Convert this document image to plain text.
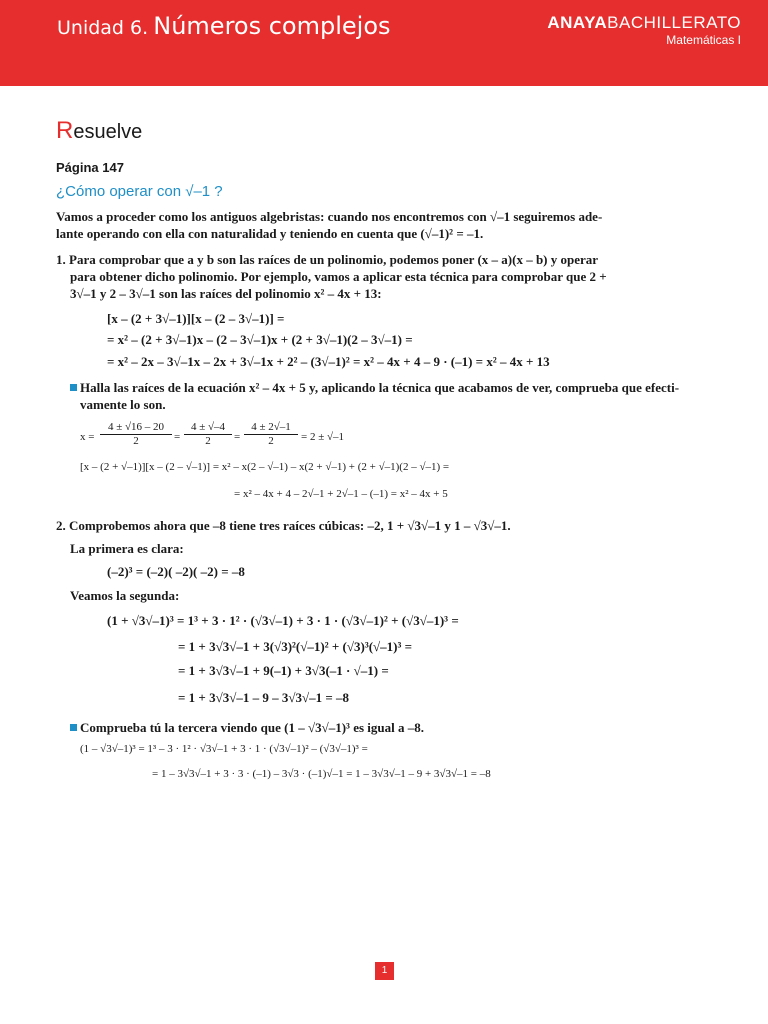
Unidad 6. Números complejos	ANAYABACHILLERATO
Matemáticas I
Resuelve
Página 147
¿Cómo operar con √–1 ?
Vamos a proceder como los antiguos algebristas: cuando nos encontremos con √–1 seguiremos ade-
lante operando con ella con naturalidad y teniendo en cuenta que (√–1)² = –1.
1. Para comprobar que a y b son las raíces de un polinomio, podemos poner (x – a)(x – b) y operar
para obtener dicho polinomio. Por ejemplo, vamos a aplicar esta técnica para comprobar que 2 +
3√–1 y 2 – 3√–1 son las raíces del polinomio x² – 4x + 13:
[x – (2 + 3√–1)][x – (2 – 3√–1)] =
= x² – (2 + 3√–1)x – (2 – 3√–1)x + (2 + 3√–1)(2 – 3√–1) =
= x² – 2x – 3√–1x – 2x + 3√–1x + 2² – (3√–1)² = x² – 4x + 4 – 9 · (–1) = x² – 4x + 13
Halla las raíces de la ecuación x² – 4x + 5 y, aplicando la técnica que acabamos de ver, comprueba que efecti-
vamente lo son.
$x = \frac{4 \pm √16 - 20}{2} = \frac{4 \pm √-4}{2} = \frac{4 \pm 2√-1}{2} = 2 \pm √-1$
[x – (2 + √–1)][x – (2 – √–1)] = x² – x(2 – √–1) – x(2 + √–1) + (2 + √–1)(2 – √–1) =
= x² – 4x + 4 – 2√–1 + 2√–1 – (–1) = x² – 4x + 5
2. Comprobemos ahora que –8 tiene tres raíces cúbicas: –2, 1 + √3√–1 y 1 – √3√–1.
La primera es clara:
(–2)³ = (–2)( –2)( –2) = –8
Veamos la segunda:
(1 + √3√–1)³ = 1³ + 3 · 1² · (√3√–1) + 3 · 1 · (√3√–1)² + (√3√–1)³ =
= 1 + 3√3√–1 + 3(√3)²(√–1)² + (√3)³(√–1)³ =
= 1 + 3√3√–1 + 9(–1) + 3√3(–1 · √–1) =
= 1 + 3√3√–1 – 9 – 3√3√–1 = –8
Comprueba tú la tercera viendo que (1 – √3√–1)³ es igual a –8.
(1 – √3√–1)³ = 1³ – 3 · 1² · √3√–1 + 3 · 1 · (√3√–1)² – (√3√–1)³ =
= 1 – 3√3√–1 + 3 · 3 · (–1) – 3√3 · (–1)√–1 = 1 – 3√3√–1 – 9 + 3√3√–1 = –8
1
